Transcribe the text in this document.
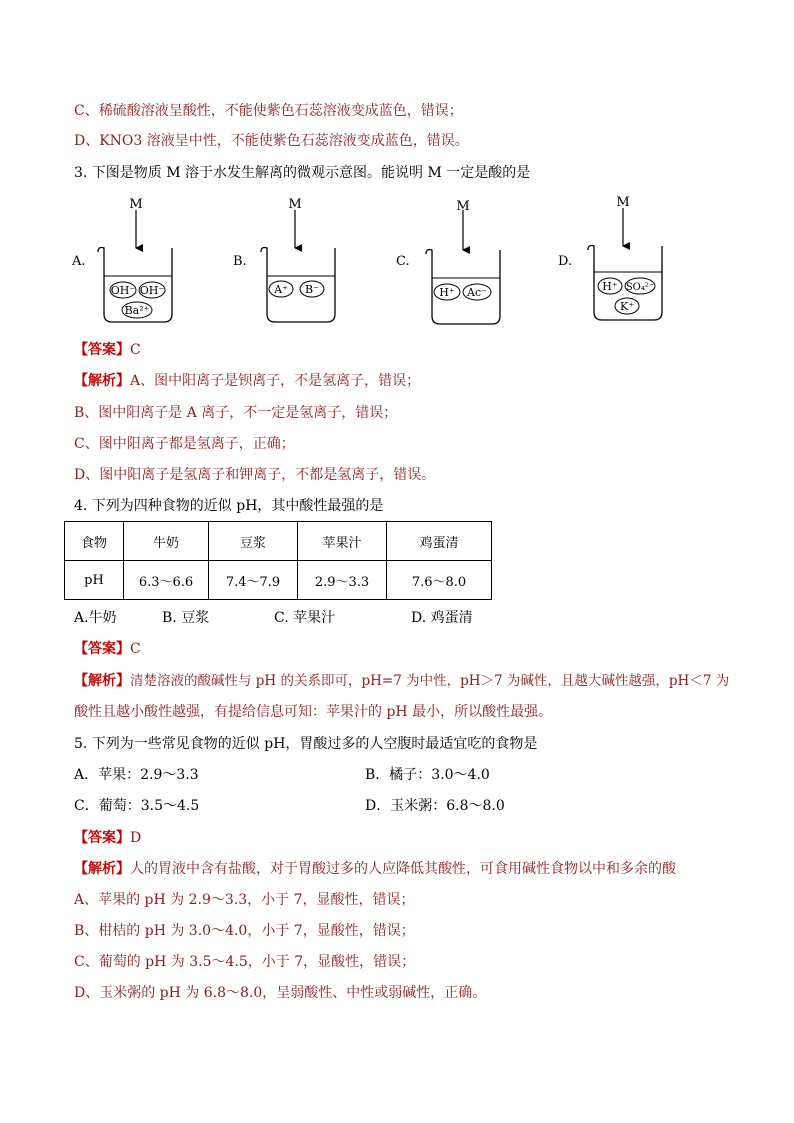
C、稀硫酸溶液呈酸性，不能使紫色石蕊溶液变成蓝色，错误；
D、KNO3 溶液呈中性，不能使紫色石蕊溶液变成蓝色，错误。
3. 下图是物质 M 溶于水发生解离的微观示意图。能说明 M 一定是酸的是
A.	B.	C.	D.
M
OH⁻ OH⁻
Ba²⁺
M
A⁺ B⁻
M
H⁺ Ac⁻
M
H⁺ SO₄²⁻
K⁺
【答案】C
【解析】A、图中阳离子是钡离子，不是氢离子，错误；
B、图中阳离子是 A 离子，不一定是氢离子，错误；
C、图中阳离子都是氢离子，正确；
D、图中阳离子是氢离子和钾离子，不都是氢离子，错误。
4. 下列为四种食物的近似 pH，其中酸性最强的是
食物	牛奶	豆浆	苹果汁	鸡蛋清
pH	6.3～6.6	7.4～7.9	2.9～3.3	7.6～8.0
A.牛奶	B. 豆浆	C. 苹果汁	D. 鸡蛋清
【答案】C
【解析】清楚溶液的酸碱性与 pH 的关系即可，pH=7 为中性，pH＞7 为碱性，且越大碱性越强，pH＜7 为
酸性且越小酸性越强，有提给信息可知：苹果汁的 pH 最小，所以酸性最强。
5. 下列为一些常见食物的近似 pH，胃酸过多的人空腹时最适宜吃的食物是
A．苹果：2.9～3.3	B．橘子：3.0～4.0
C．葡萄：3.5～4.5	D．玉米粥：6.8～8.0
【答案】D
【解析】人的胃液中含有盐酸，对于胃酸过多的人应降低其酸性，可食用碱性食物以中和多余的酸
A、苹果的 pH 为 2.9～3.3，小于 7，显酸性，错误；
B、柑桔的 pH 为 3.0～4.0，小于 7，显酸性，错误；
C、葡萄的 pH 为 3.5～4.5，小于 7，显酸性，错误；
D、玉米粥的 pH 为 6.8～8.0，呈弱酸性、中性或弱碱性，正确。
